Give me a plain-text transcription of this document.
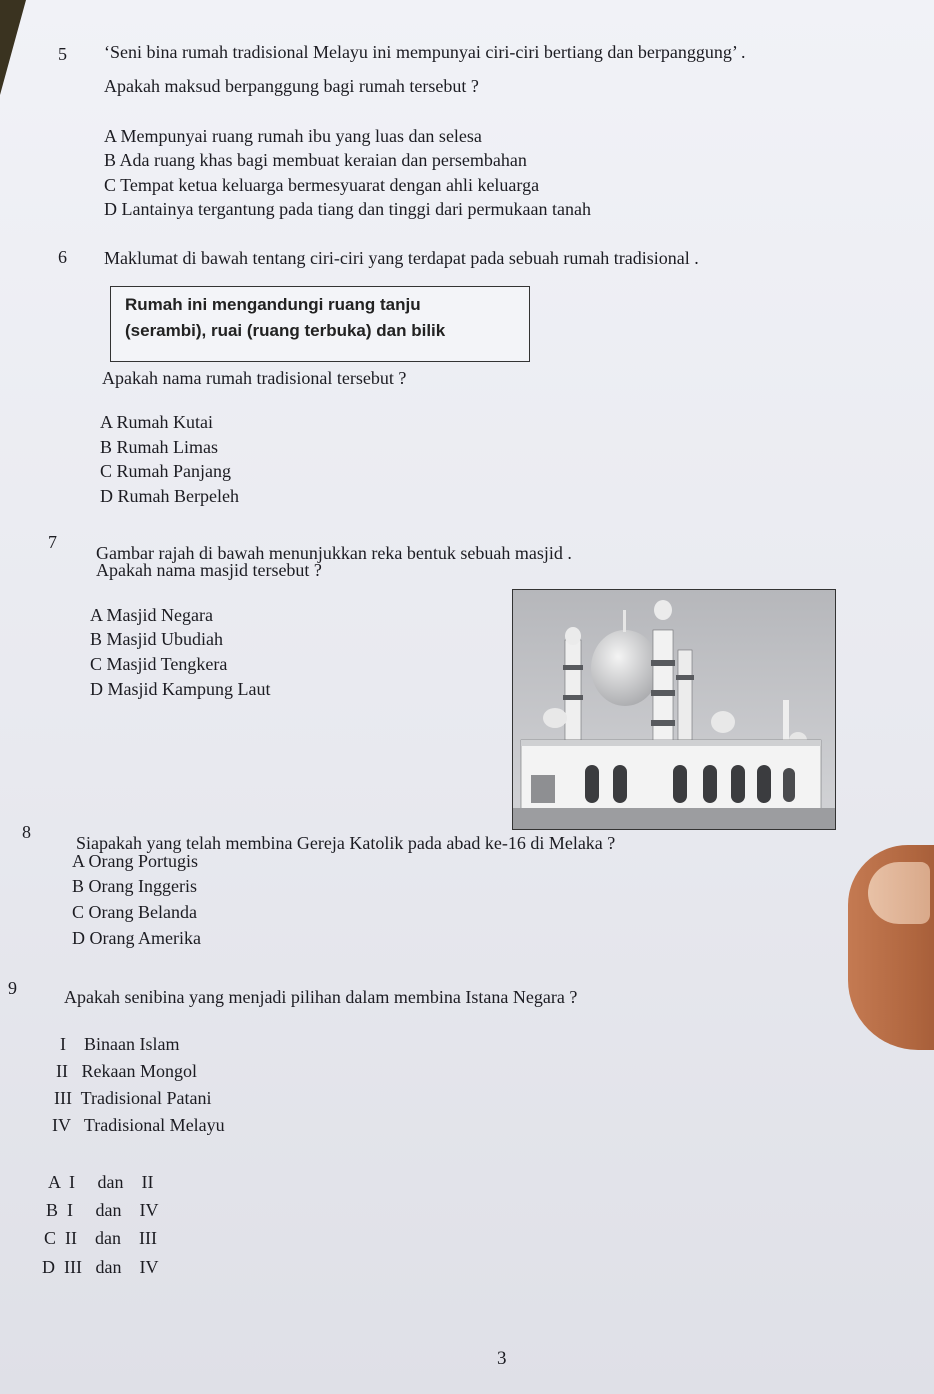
5 ‘Seni bina rumah tradisional Melayu ini mempunyai ciri-ciri bertiang dan berpanggung’ .
Apakah maksud berpanggung bagi rumah tersebut ?
A Mempunyai ruang rumah ibu yang luas dan selesa
B Ada ruang khas bagi membuat keraian dan persembahan
C Tempat ketua keluarga bermesyuarat dengan ahli keluarga
D Lantainya tergantung pada tiang dan tinggi dari permukaan tanah
6 Maklumat di bawah tentang ciri-ciri yang terdapat pada sebuah rumah tradisional .
Rumah ini mengandungi ruang tanju
(serambi), ruai (ruang terbuka) dan bilik
Apakah nama rumah tradisional tersebut ?
A Rumah Kutai
B Rumah Limas
C Rumah Panjang
D Rumah Berpeleh
7
Gambar rajah di bawah menunjukkan reka bentuk sebuah masjid .
Apakah nama masjid tersebut ?
A Masjid Negara
B Masjid Ubudiah
C Masjid Tengkera
D Masjid Kampung Laut
8
Siapakah yang telah membina Gereja Katolik pada abad ke-16 di Melaka ?
A Orang Portugis
B Orang Inggeris
C Orang Belanda
D Orang Amerika
9	Apakah senibina yang menjadi pilihan dalam membina Istana Negara ?
I    Binaan Islam
II   Rekaan Mongol
III  Tradisional Patani
IV   Tradisional Melayu
A  I     dan    II
B  I     dan    IV
C  II    dan    III
D  III   dan    IV
3
